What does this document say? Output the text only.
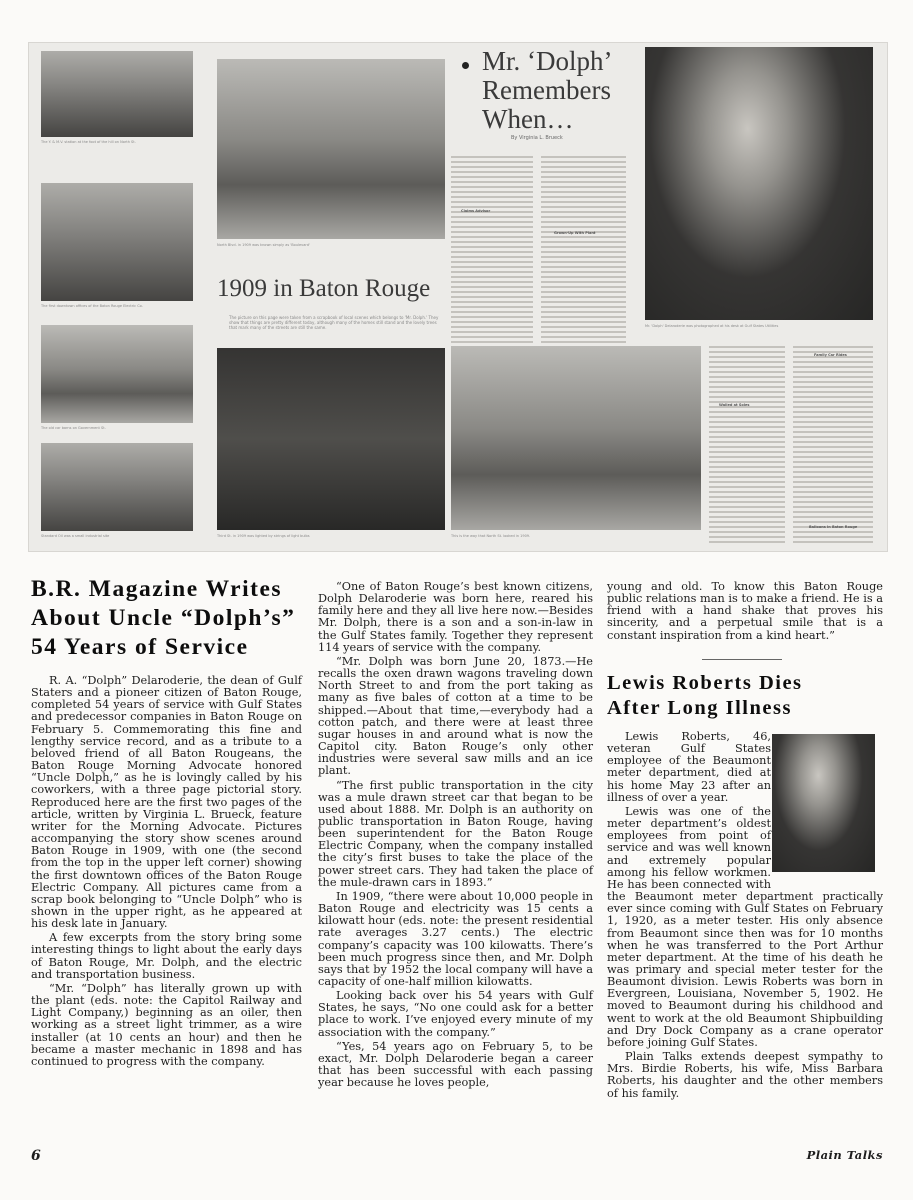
The Y. & M.V. station at the foot of the hill on North St.
The first downtown offices of the Baton Rouge Electric Co.
The old car barns on Government St.
Standard Oil was a small industrial site
North Blvd. in 1909 was known simply as 'Boulevard'
1909 in Baton Rouge
The picture on this page were taken from a scrapbook of local scenes which belongs to 'Mr. Dolph.' They show that things are pretty different today, although many of the homes still stand and the lovely trees that mark many of the streets are still the same.
Mr. ‘Dolph’
Remembers
When…
By Virginia L. Brueck
Claims Advisor
Grown-Up With Plant
Mr. 'Dolph' Delaroderie was photographed at his desk at Gulf States Utilities
Third St. in 1909 was lighted by strings of light bulbs	This is the way that North St. looked in 1909.
Walled at Soles
Family Car Rides
Balloons in Baton Rouge
B.R. Magazine Writes
About Uncle “Dolph’s”
54 Years of Service

R. A. “Dolph” Delaroderie, the dean of Gulf Staters and a pioneer citizen of Baton Rouge, completed 54 years of service with Gulf States and predecessor companies in Baton Rouge on February 5. Commemorating this fine and lengthy service record, and as a tribute to a beloved friend of all Baton Rougeans, the Baton Rouge Morning Advocate honored “Uncle Dolph,” as he is lovingly called by his coworkers, with a three page pictorial story. Reproduced here are the first two pages of the article, written by Virginia L. Brueck, feature writer for the Morning Advocate. Pictures accompanying the story show scenes around Baton Rouge in 1909, with one (the second from the top in the upper left corner) showing the first downtown offices of the Baton Rouge Electric Company. All pictures came from a scrap book belonging to “Uncle Dolph” who is shown in the upper right, as he appeared at his desk late in January.

A few excerpts from the story bring some interesting things to light about the early days of Baton Rouge, Mr. Dolph, and the electric and transportation business.

“Mr. “Dolph” has literally grown up with the plant (eds. note: the Capitol Railway and Light Company,) beginning as an oiler, then working as a street light trimmer, as a wire installer (at 10 cents an hour) and then he became a master mechanic in 1898 and has continued to progress with the company.

“One of Baton Rouge’s best known citizens, Dolph Delaroderie was born here, reared his family here and they all live here now.—Besides Mr. Dolph, there is a son and a son-in-law in the Gulf States family. Together they represent 114 years of service with the company.

“Mr. Dolph was born June 20, 1873.—He recalls the oxen drawn wagons traveling down North Street to and from the port taking as many as five bales of cotton at a time to be shipped.—About that time,—everybody had a cotton patch, and there were at least three sugar houses in and around what is now the Capitol city. Baton Rouge’s only other industries were several saw mills and an ice plant.

“The first public transportation in the city was a mule drawn street car that began to be used about 1888. Mr. Dolph is an authority on public transportation in Baton Rouge, having been superintendent for the Baton Rouge Electric Company, when the company installed the city’s first buses to take the place of the power street cars. They had taken the place of the mule-drawn cars in 1893.”

In 1909, “there were about 10,000 people in Baton Rouge and electricity was 15 cents a kilowatt hour (eds. note: the present residential rate averages 3.27 cents.) The electric company’s capacity was 100 kilowatts. There’s been much progress since then, and Mr. Dolph says that by 1952 the local company will have a capacity of one-half million kilowatts.

Looking back over his 54 years with Gulf States, he says, “No one could ask for a better place to work. I’ve enjoyed every minute of my association with the company.”

“Yes, 54 years ago on February 5, to be exact, Mr. Dolph Delaroderie began a career that has been successful with each passing year because he loves people,

young and old. To know this Baton Rouge public relations man is to make a friend. He is a friend with a hand shake that proves his sincerity, and a perpetual smile that is a constant inspiration from a kind heart.”

Lewis Roberts Dies
After Long Illness

Lewis Roberts, 46, veteran Gulf States employee of the Beaumont meter department, died at his home May 23 after an illness of over a year.

Lewis was one of the meter department’s oldest employees from point of service and was well known and extremely popular among his fellow workmen. He has been connected with the Beaumont meter department practically ever since coming with Gulf States on February 1, 1920, as a meter tester. His only absence from Beaumont since then was for 10 months when he was transferred to the Port Arthur meter department. At the time of his death he was primary and special meter tester for the Beaumont division. Lewis Roberts was born in Evergreen, Louisiana, November 5, 1902. He moved to Beaumont during his childhood and went to work at the old Beaumont Shipbuilding and Dry Dock Company as a crane operator before joining Gulf States.

Plain Talks extends deepest sympathy to Mrs. Birdie Roberts, his wife, Miss Barbara Roberts, his daughter and the other members of his family.

6	Plain Talks
